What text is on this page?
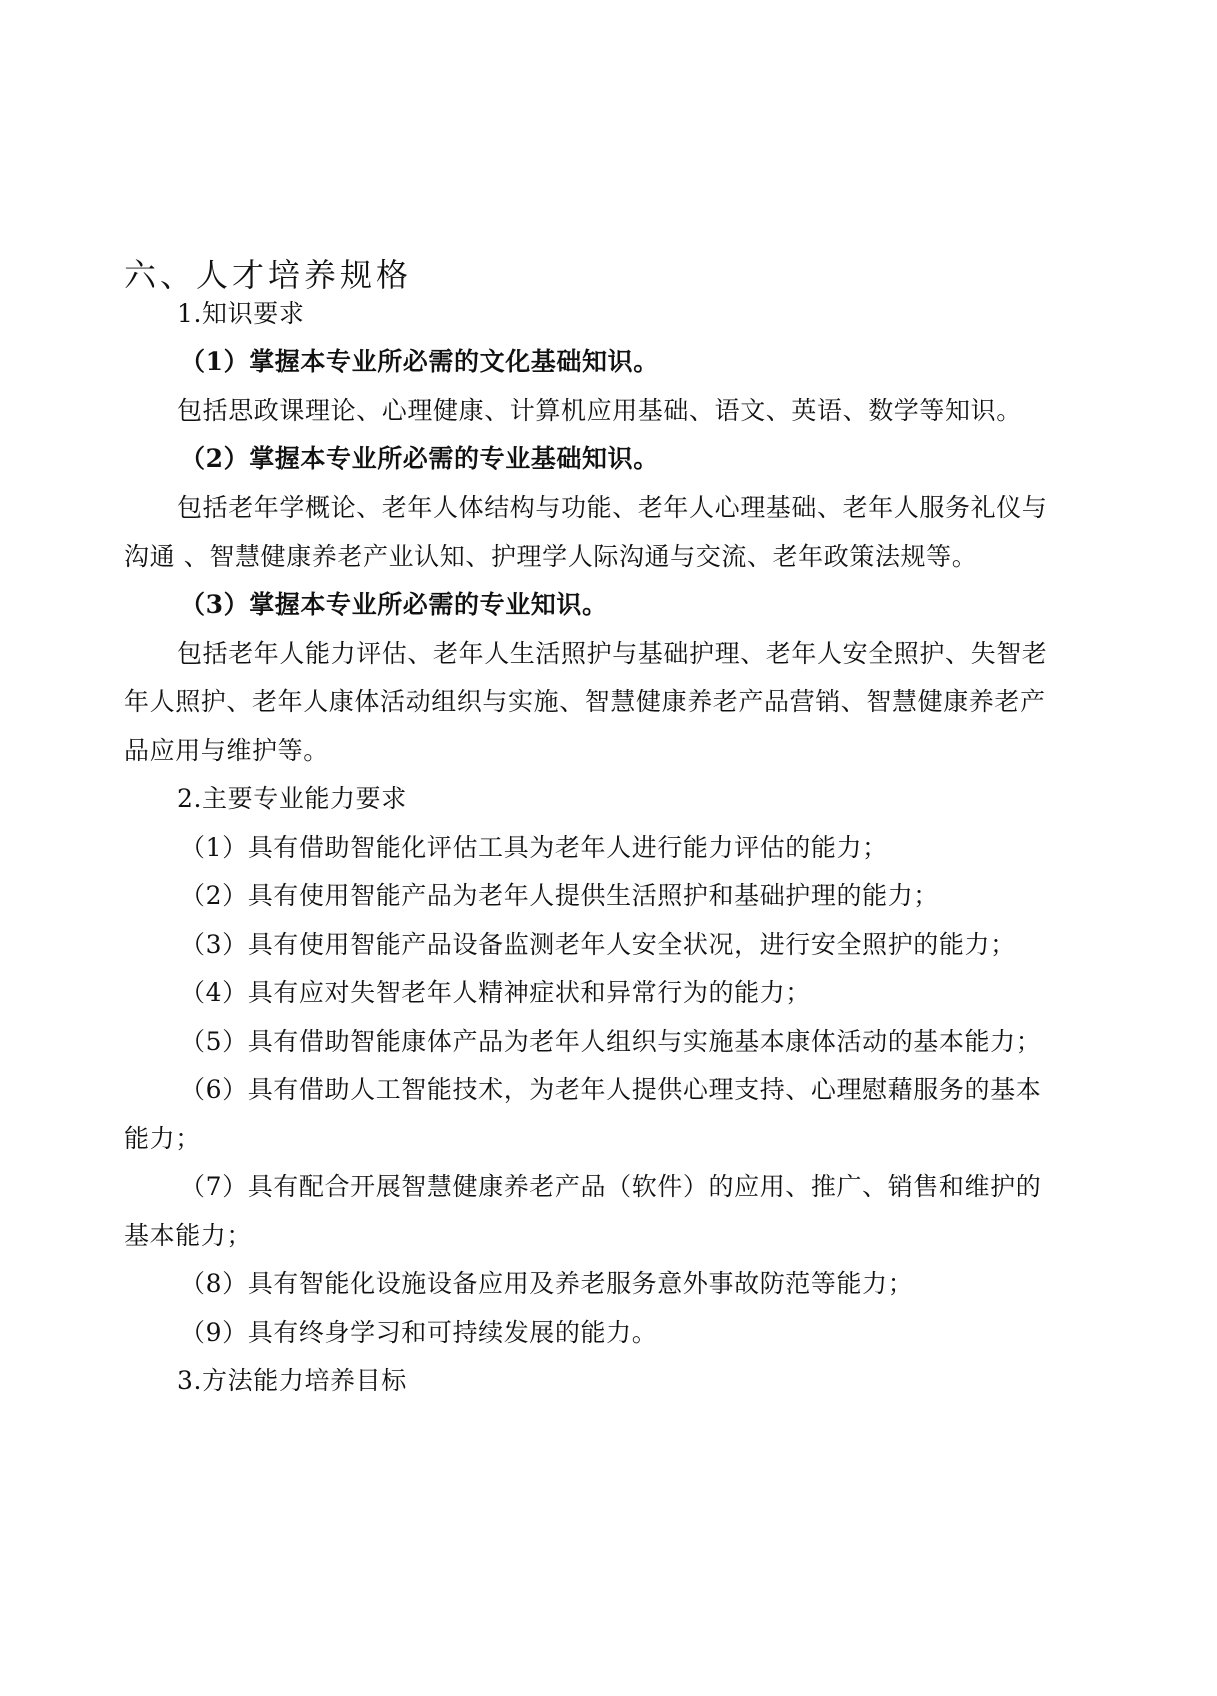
六、人才培养规格
1.知识要求
（1）掌握本专业所必需的文化基础知识。
包括思政课理论、心理健康、计算机应用基础、语文、英语、数学等知识。
（2）掌握本专业所必需的专业基础知识。
包括老年学概论、老年人体结构与功能、老年人心理基础、老年人服务礼仪与
沟通 、智慧健康养老产业认知、护理学人际沟通与交流、老年政策法规等。
（3）掌握本专业所必需的专业知识。
包括老年人能力评估、老年人生活照护与基础护理、老年人安全照护、失智老
年人照护、老年人康体活动组织与实施、智慧健康养老产品营销、智慧健康养老产
品应用与维护等。
2.主要专业能力要求
（1）具有借助智能化评估工具为老年人进行能力评估的能力；
（2）具有使用智能产品为老年人提供生活照护和基础护理的能力；
（3）具有使用智能产品设备监测老年人安全状况，进行安全照护的能力；
（4）具有应对失智老年人精神症状和异常行为的能力；
（5）具有借助智能康体产品为老年人组织与实施基本康体活动的基本能力；
（6）具有借助人工智能技术，为老年人提供心理支持、心理慰藉服务的基本
能力；
（7）具有配合开展智慧健康养老产品（软件）的应用、推广、销售和维护的
基本能力；
（8）具有智能化设施设备应用及养老服务意外事故防范等能力；
（9）具有终身学习和可持续发展的能力。
3.方法能力培养目标
